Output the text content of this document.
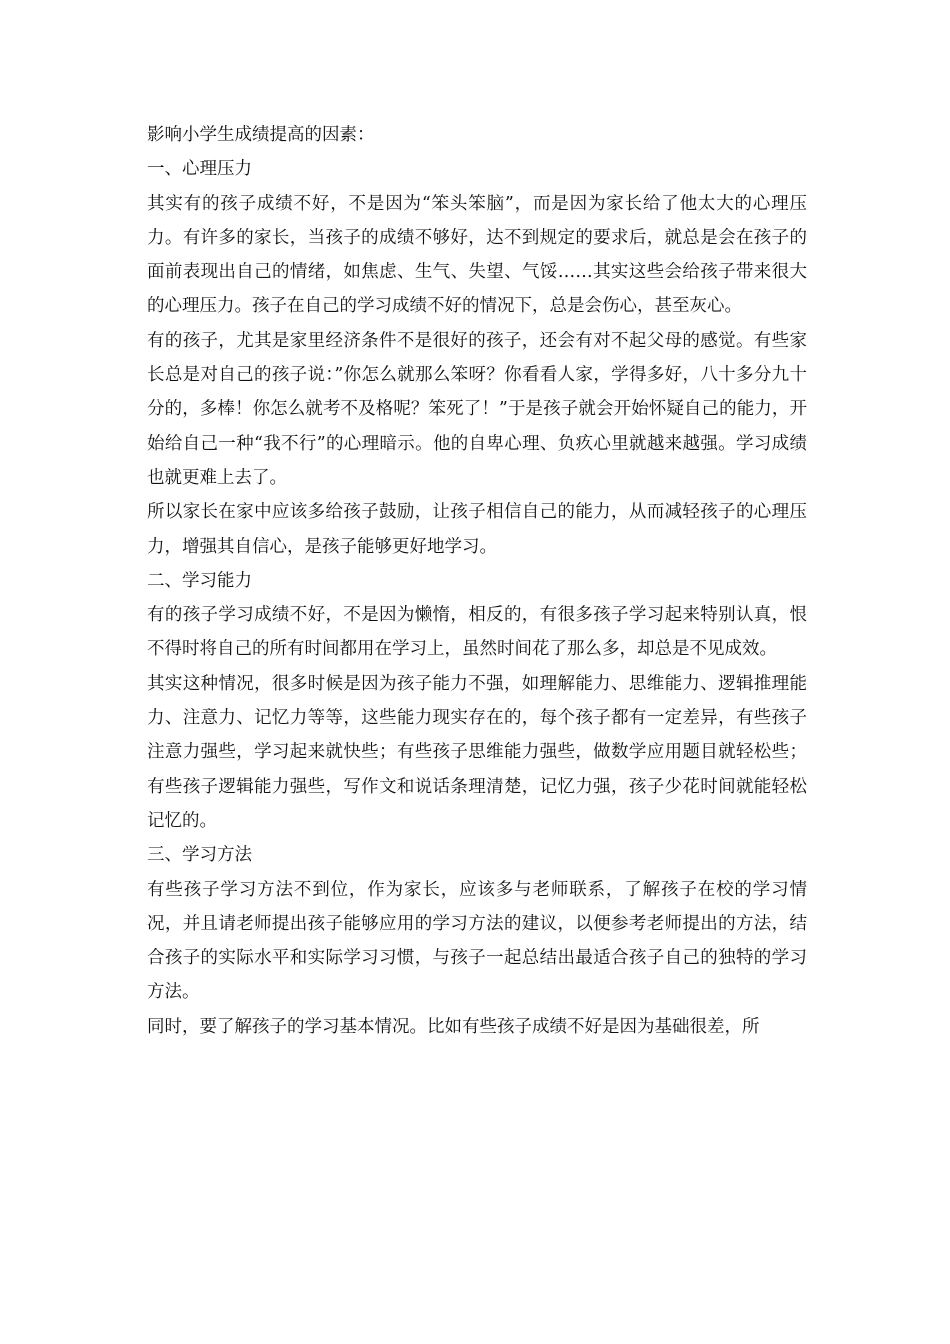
影响小学生成绩提高的因素：

一、心理压力

其实有的孩子成绩不好，不是因为“笨头笨脑”，而是因为家长给了他太大的心理压力。有许多的家长，当孩子的成绩不够好，达不到规定的要求后，就总是会在孩子的面前表现出自己的情绪，如焦虑、生气、失望、气馁……其实这些会给孩子带来很大的心理压力。孩子在自己的学习成绩不好的情况下，总是会伤心，甚至灰心。

有的孩子，尤其是家里经济条件不是很好的孩子，还会有对不起父母的感觉。有些家长总是对自己的孩子说：”你怎么就那么笨呀？你看看人家，学得多好，八十多分九十分的，多棒！你怎么就考不及格呢？笨死了！”于是孩子就会开始怀疑自己的能力，开始给自己一种“我不行”的心理暗示。他的自卑心理、负疚心里就越来越强。学习成绩也就更难上去了。

所以家长在家中应该多给孩子鼓励，让孩子相信自己的能力，从而减轻孩子的心理压力，增强其自信心，是孩子能够更好地学习。

二、学习能力

有的孩子学习成绩不好，不是因为懒惰，相反的，有很多孩子学习起来特别认真，恨不得时将自己的所有时间都用在学习上，虽然时间花了那么多，却总是不见成效。

其实这种情况，很多时候是因为孩子能力不强，如理解能力、思维能力、逻辑推理能力、注意力、记忆力等等，这些能力现实存在的，每个孩子都有一定差异，有些孩子注意力强些，学习起来就快些；有些孩子思维能力强些，做数学应用题目就轻松些；有些孩子逻辑能力强些，写作文和说话条理清楚，记忆力强，孩子少花时间就能轻松记忆的。

三、学习方法

有些孩子学习方法不到位，作为家长，应该多与老师联系，了解孩子在校的学习情况，并且请老师提出孩子能够应用的学习方法的建议，以便参考老师提出的方法，结合孩子的实际水平和实际学习习惯，与孩子一起总结出最适合孩子自己的独特的学习方法。

同时，要了解孩子的学习基本情况。比如有些孩子成绩不好是因为基础很差，所
